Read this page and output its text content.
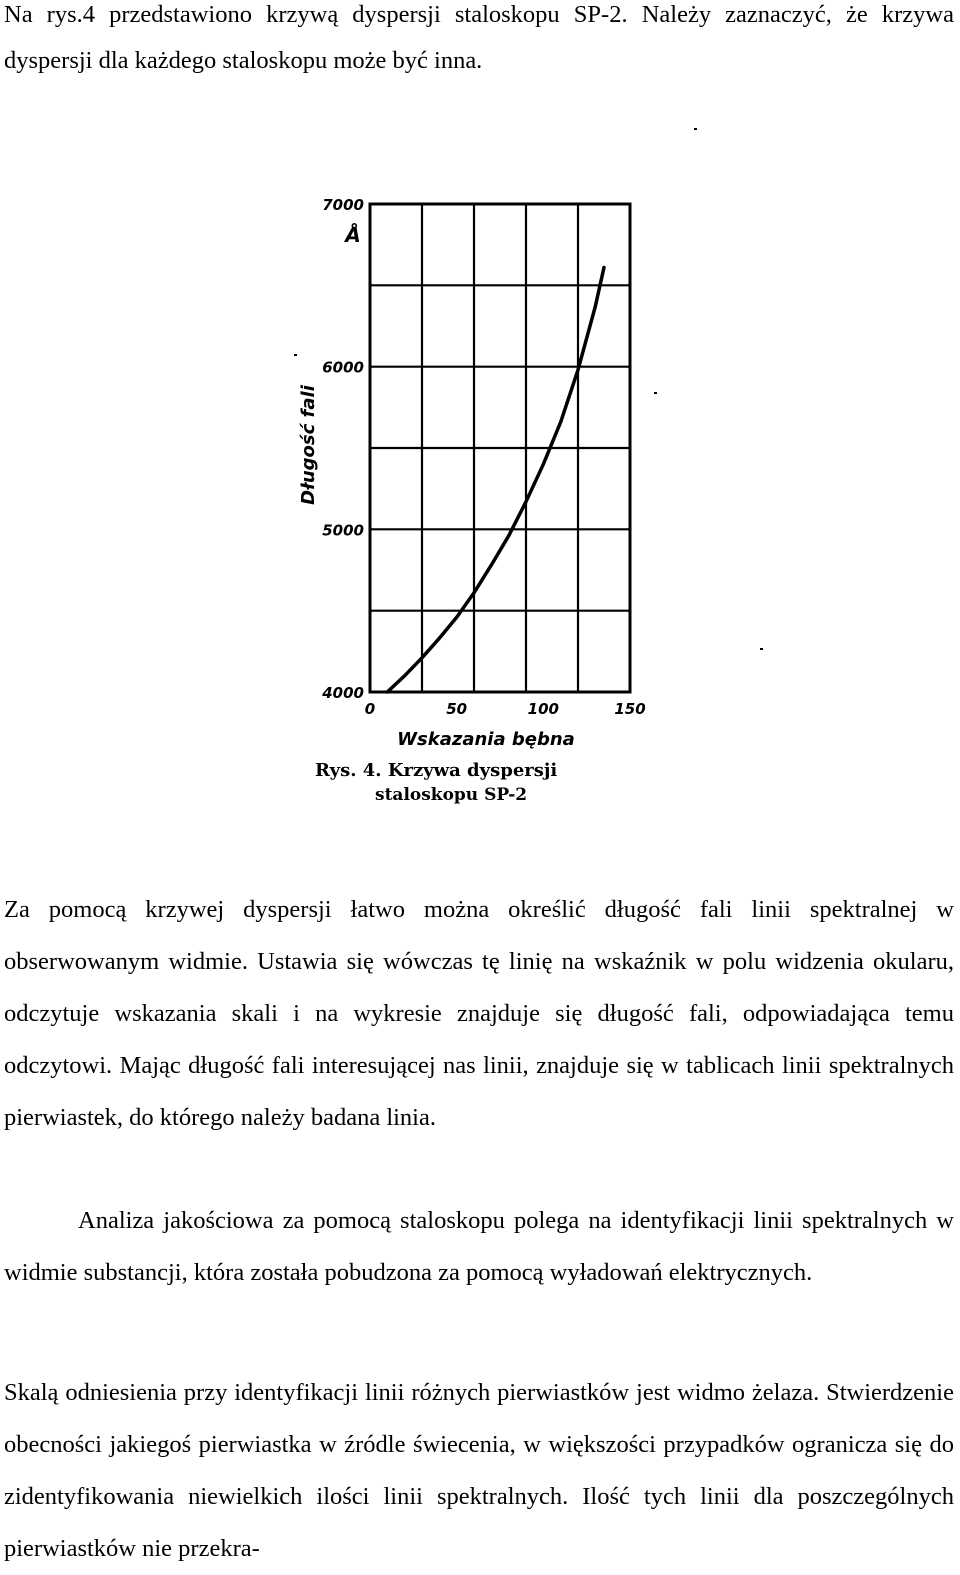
Na rys.4 przedstawiono krzywą dyspersji staloskopu SP-2. Należy zaznaczyć, że krzywa dyspersji dla każdego staloskopu może być inna.

4000
5000
6000
7000
0	50	100	150
Å
Długość fali
Wskazania bębna
Rys. 4. Krzywa dyspersji
staloskopu SP-2

Za pomocą krzywej dyspersji łatwo można określić długość fali linii spektralnej w obserwowanym widmie. Ustawia się wówczas tę linię na wskaźnik w polu widzenia okularu, odczytuje wskazania skali i na wykresie znajduje się długość fali, odpowiadająca temu odczytowi. Mając długość fali interesującej nas linii, znajduje się w tablicach linii spektralnych pierwiastek, do którego należy badana linia.

Analiza jakościowa za pomocą staloskopu polega na identyfikacji linii spektralnych w widmie substancji, która została pobudzona za pomocą wyładowań elektrycznych.

Skalą odniesienia przy identyfikacji linii różnych pierwiastków jest widmo żelaza. Stwierdzenie obecności jakiegoś pierwiastka w źródle świecenia, w większości przypadków ogranicza się do zidentyfikowania niewielkich ilości linii spektralnych. Ilość tych linii dla poszczególnych pierwiastków nie przekra-
